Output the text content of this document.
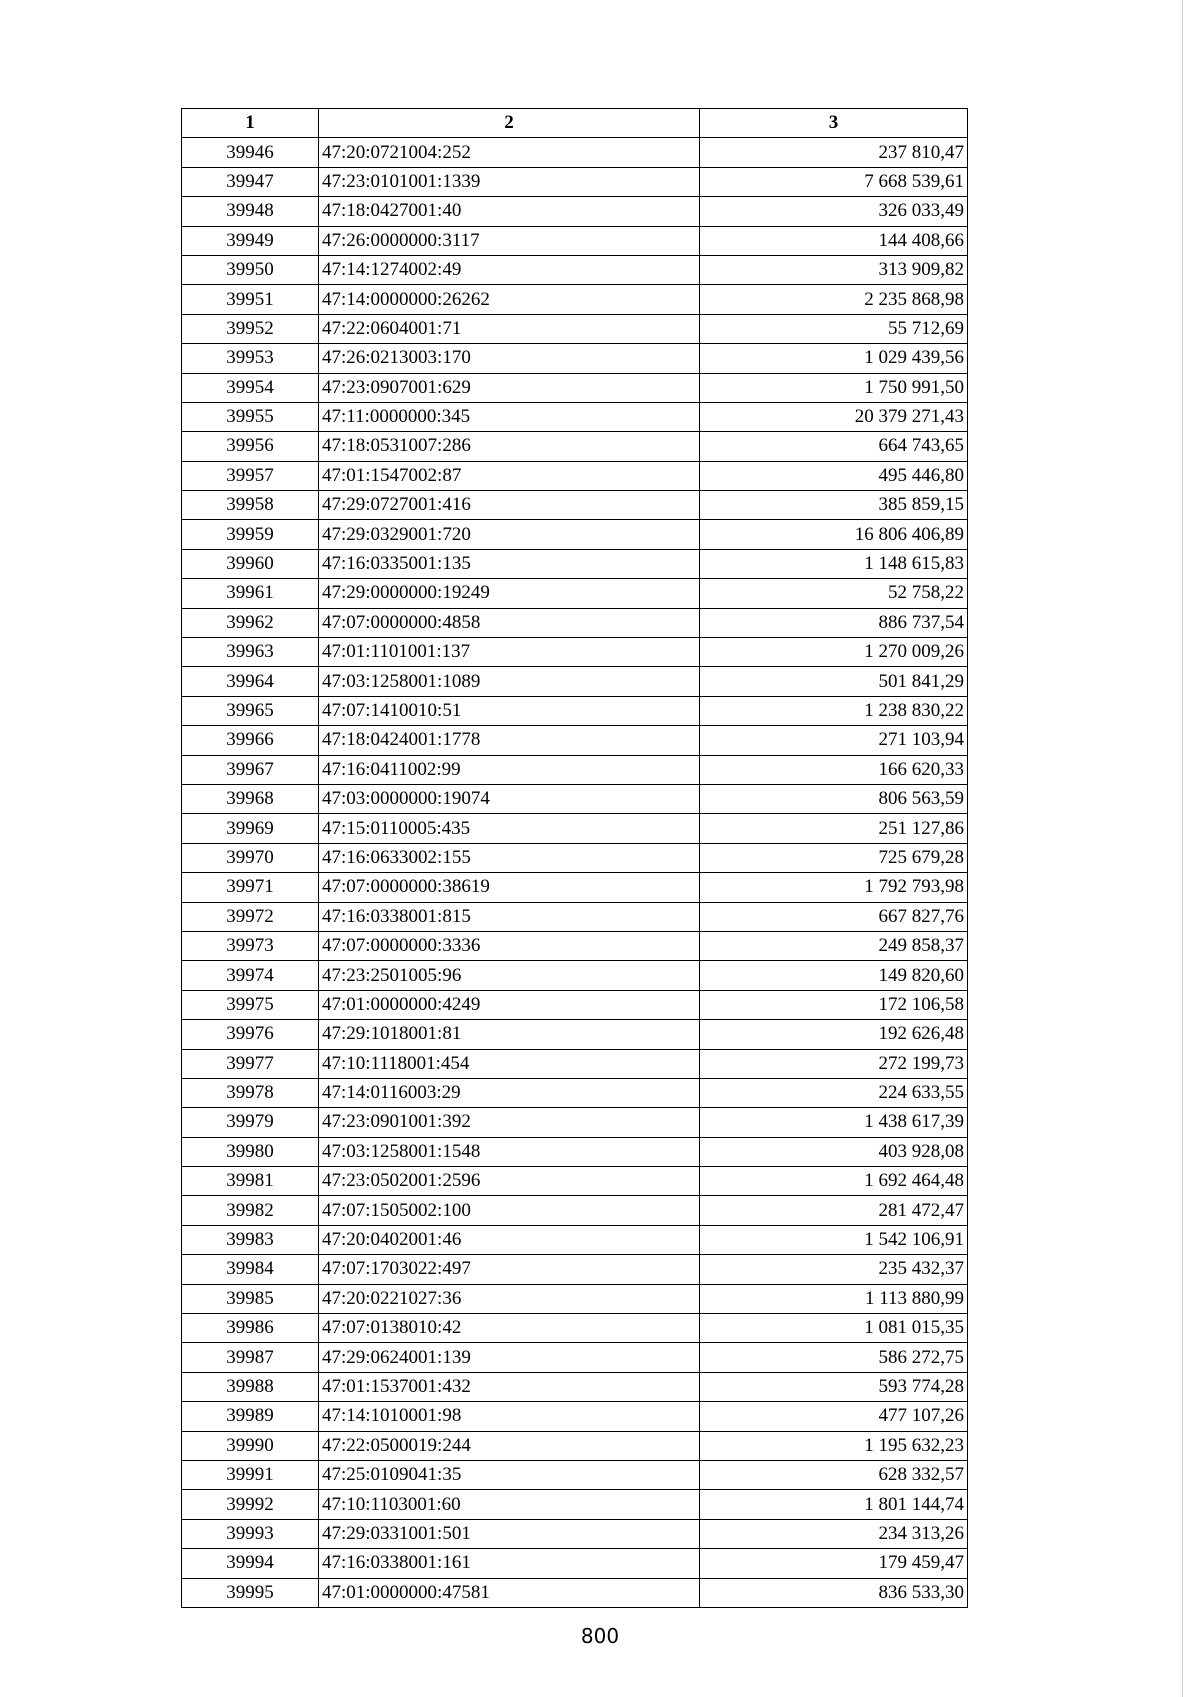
1	2	3
39946	47:20:0721004:252	237 810,47
39947	47:23:0101001:1339	7 668 539,61
39948	47:18:0427001:40	326 033,49
39949	47:26:0000000:3117	144 408,66
39950	47:14:1274002:49	313 909,82
39951	47:14:0000000:26262	2 235 868,98
39952	47:22:0604001:71	55 712,69
39953	47:26:0213003:170	1 029 439,56
39954	47:23:0907001:629	1 750 991,50
39955	47:11:0000000:345	20 379 271,43
39956	47:18:0531007:286	664 743,65
39957	47:01:1547002:87	495 446,80
39958	47:29:0727001:416	385 859,15
39959	47:29:0329001:720	16 806 406,89
39960	47:16:0335001:135	1 148 615,83
39961	47:29:0000000:19249	52 758,22
39962	47:07:0000000:4858	886 737,54
39963	47:01:1101001:137	1 270 009,26
39964	47:03:1258001:1089	501 841,29
39965	47:07:1410010:51	1 238 830,22
39966	47:18:0424001:1778	271 103,94
39967	47:16:0411002:99	166 620,33
39968	47:03:0000000:19074	806 563,59
39969	47:15:0110005:435	251 127,86
39970	47:16:0633002:155	725 679,28
39971	47:07:0000000:38619	1 792 793,98
39972	47:16:0338001:815	667 827,76
39973	47:07:0000000:3336	249 858,37
39974	47:23:2501005:96	149 820,60
39975	47:01:0000000:4249	172 106,58
39976	47:29:1018001:81	192 626,48
39977	47:10:1118001:454	272 199,73
39978	47:14:0116003:29	224 633,55
39979	47:23:0901001:392	1 438 617,39
39980	47:03:1258001:1548	403 928,08
39981	47:23:0502001:2596	1 692 464,48
39982	47:07:1505002:100	281 472,47
39983	47:20:0402001:46	1 542 106,91
39984	47:07:1703022:497	235 432,37
39985	47:20:0221027:36	1 113 880,99
39986	47:07:0138010:42	1 081 015,35
39987	47:29:0624001:139	586 272,75
39988	47:01:1537001:432	593 774,28
39989	47:14:1010001:98	477 107,26
39990	47:22:0500019:244	1 195 632,23
39991	47:25:0109041:35	628 332,57
39992	47:10:1103001:60	1 801 144,74
39993	47:29:0331001:501	234 313,26
39994	47:16:0338001:161	179 459,47
39995	47:01:0000000:47581	836 533,30
800
